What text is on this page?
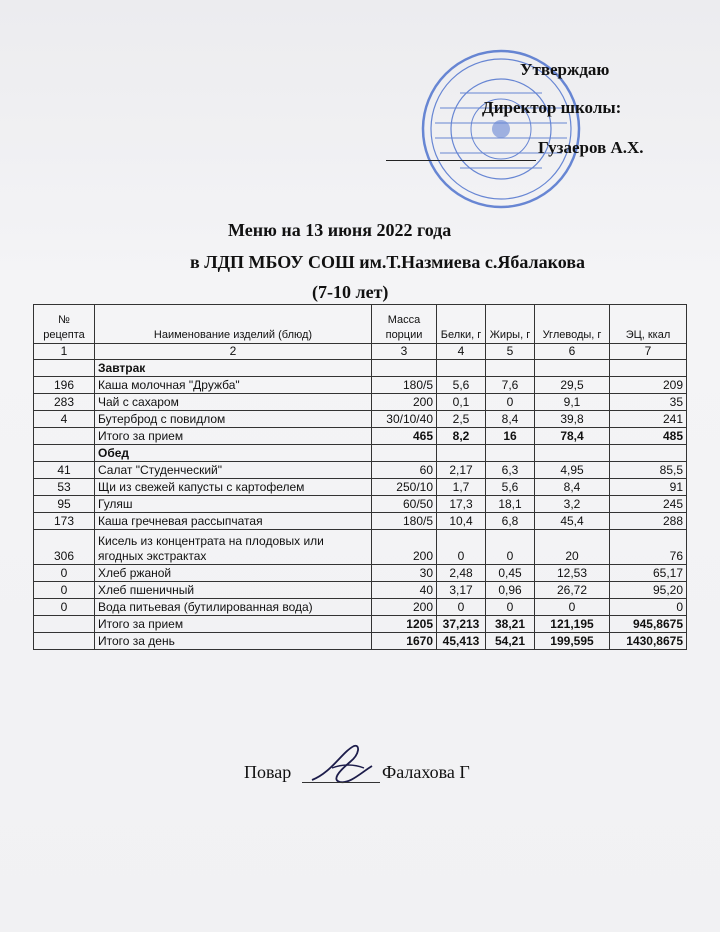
Утверждаю
Директор школы:
Гузаеров А.Х.
Меню на 13 июня 2022 года
в ЛДП МБОУ СОШ им.Т.Назмиева с.Ябалакова
(7-10 лет)
№ рецепта	Наименование изделий (блюд)	Масса порции	Белки, г	Жиры, г	Углеводы, г	ЭЦ, ккал
1	2	3	4	5	6	7
	Завтрак					
196	Каша молочная "Дружба"	180/5	5,6	7,6	29,5	209
283	Чай с сахаром	200	0,1	0	9,1	35
4	Бутерброд с повидлом	30/10/40	2,5	8,4	39,8	241
	Итого за прием	465	8,2	16	78,4	485
	Обед					
41	Салат "Студенческий"	60	2,17	6,3	4,95	85,5
53	Щи из свежей капусты с картофелем	250/10	1,7	5,6	8,4	91
95	Гуляш	60/50	17,3	18,1	3,2	245
173	Каша гречневая рассыпчатая	180/5	10,4	6,8	45,4	288
306	Кисель из концентрата на плодовых или ягодных экстрактах	200	0	0	20	76
0	Хлеб ржаной	30	2,48	0,45	12,53	65,17
0	Хлеб пшеничный	40	3,17	0,96	26,72	95,20
0	Вода питьевая (бутилированная вода)	200	0	0	0	0
	Итого за прием	1205	37,213	38,21	121,195	945,8675
	Итого за день	1670	45,413	54,21	199,595	1430,8675
Повар	Фалахова Г
